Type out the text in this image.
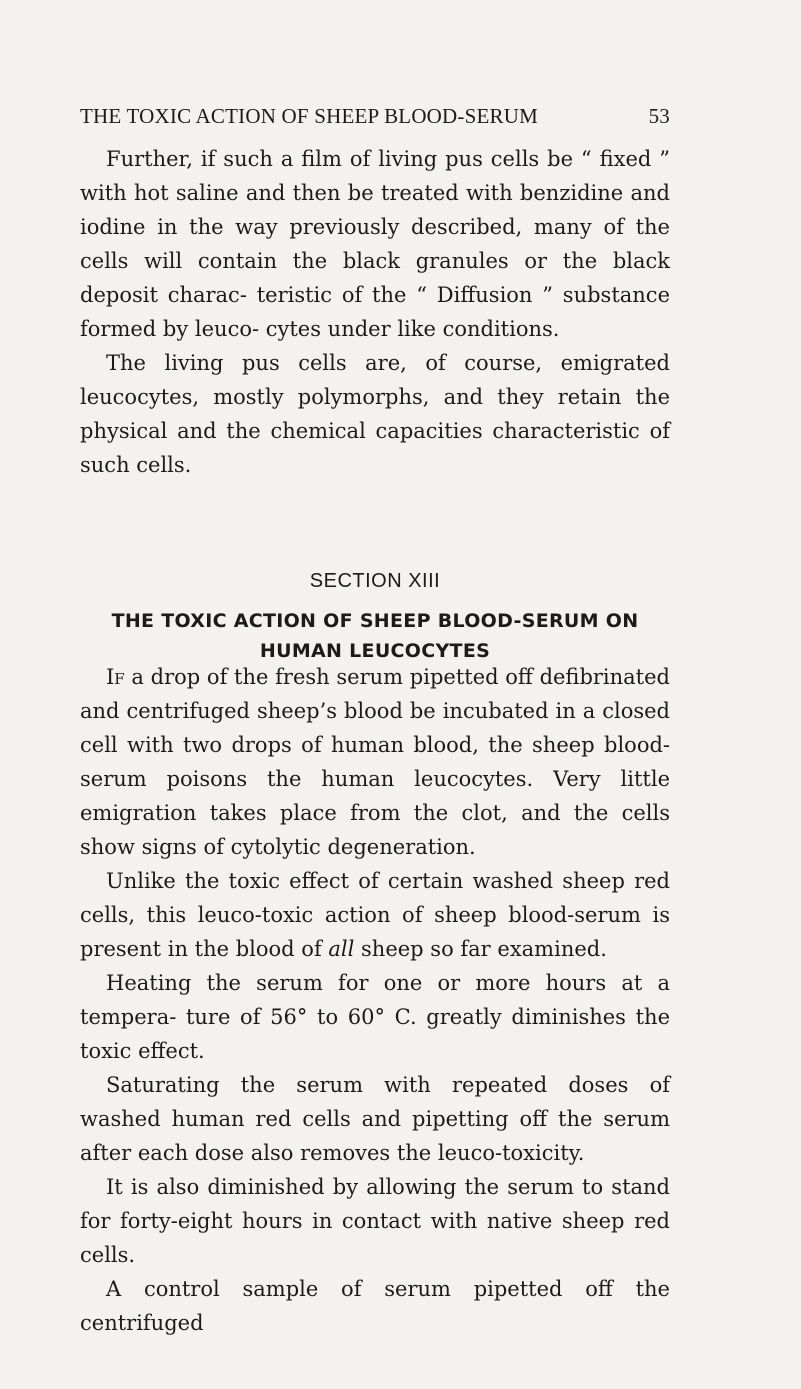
THE TOXIC ACTION OF SHEEP BLOOD-SERUM	53

Further, if such a film of living pus cells be “ fixed ” with hot saline and then be treated with benzidine and iodine in the way previously described, many of the cells will contain the black granules or the black deposit charac- teristic of the “ Diffusion ” substance formed by leuco- cytes under like conditions.

The living pus cells are, of course, emigrated leucocytes, mostly polymorphs, and they retain the physical and the chemical capacities characteristic of such cells.

SECTION XIII
THE TOXIC ACTION OF SHEEP BLOOD-SERUM ON HUMAN LEUCOCYTES

If a drop of the fresh serum pipetted off defibrinated and centrifuged sheep’s blood be incubated in a closed cell with two drops of human blood, the sheep blood-serum poisons the human leucocytes. Very little emigration takes place from the clot, and the cells show signs of cytolytic degeneration.

Unlike the toxic effect of certain washed sheep red cells, this leuco-toxic action of sheep blood-serum is present in the blood of all sheep so far examined.

Heating the serum for one or more hours at a tempera- ture of 56° to 60° C. greatly diminishes the toxic effect.

Saturating the serum with repeated doses of washed human red cells and pipetting off the serum after each dose also removes the leuco-toxicity.

It is also diminished by allowing the serum to stand for forty-eight hours in contact with native sheep red cells.

A control sample of serum pipetted off the centrifuged
